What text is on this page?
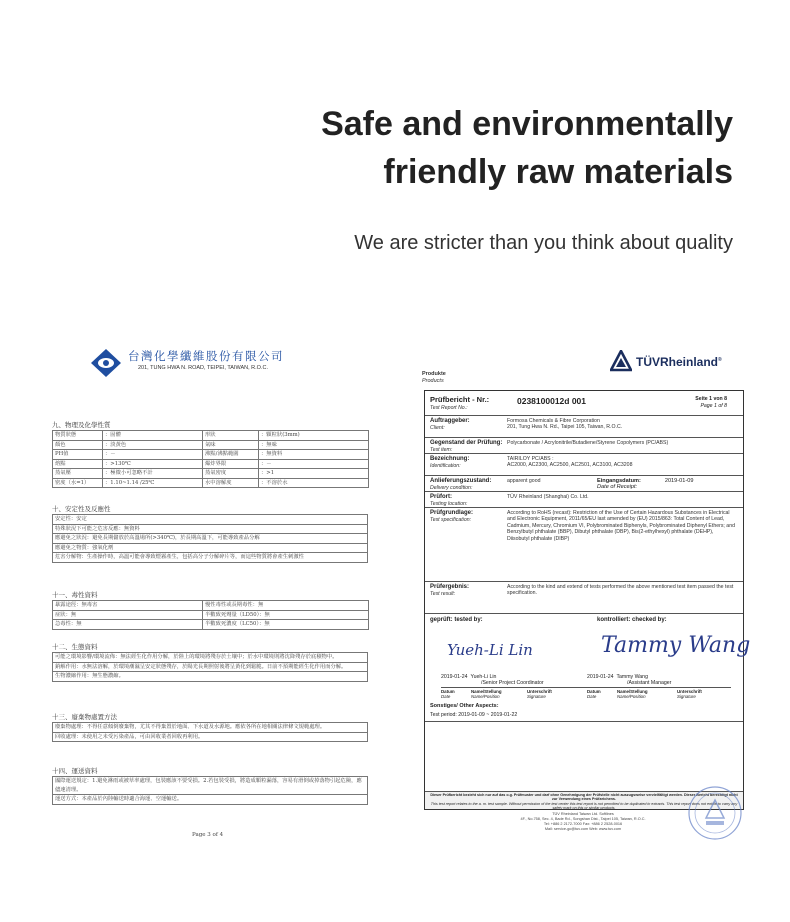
Safe and environmentally
friendly raw materials
We are stricter than you think about quality
台灣化學纖維股份有限公司
201, TUNG HWA N. ROAD, TEIPEI, TAIWAN, R.O.C.
九、物理及化學性質
物質狀態	：固體	形狀	：顆粒狀(3mm)
顏色	：淡黃色	氣味	：無味
PH值	：－	沸點/沸點範圍	：無資料
熔點	：>130℃	爆炸界限	：－
蒸氣壓	：極微小可忽略不計	蒸氣密度	：>1
密度（水=1）	：1.10~1.14 /25℃	水中溶解度	：不溶於水
十、安定性及反應性
安定性：安定
特殊狀況下可能之危害反應：無資料
應避免之狀況：避免長期儲放於高溫場所(>340℃)，於長期高溫下，可能導致產品分解
應避免之物質：強氧化劑
危害分解物：生產操作時，高溫可能會導致煙霧產生，包括高分子分解碎片等，而這些物質將會產生刺激性
十一、毒性資料
暴露途徑：無毒害	慢性毒性或長期毒性：無
症狀：無	半數致死劑量（LD50）：無
急毒性：無	半數致死濃度（LC50）：無
十二、生態資料
可能之環境影響/環境流佈：無法經生化作用分解，於陸上的環境將殘存於土壤中；於水中環境則將沈降殘存於底積物中。
銷解作用：水無法溶解，於環境潮濕呈安定狀態殘存，於陽光長期照射後將呈黃化到鬆脆。日前不預期能經生化作用而分解。
生物濃縮作用：無生態濃縮。
十三、廢棄物處置方法
廢棄物處理：不得任意傾倒廢棄物，尤其不得棄置於地面、下水道及水源地。應依各所在地相關法律條文規範處理。
回收處理：未使用之未受污染產品，可由回收業者回收再利用。
十四、運送資料
國際運送規定：1.避免淋雨或被草率處理，包裝應該不要受損。2.若包裝受損，將造成顆粒漏落，容易有滑倒或掉落物引起危險，應儘速清理。
運送方式：本產品於內陸輸送時適合海運、空運輸送。
Page 3 of 4
TÜVRheinland®
Produkte
Products
Prüfbericht - Nr.:
Test Report No.:
0238100012d 001	Seite 1 von 8
Page 1 of 8
Auftraggeber:
Client:
Formosa Chemicals & Fibre Corporation
201, Tung Hwa N. Rd., Taipei 105, Taiwan, R.O.C.
Gegenstand der Prüfung:
Test item:
Polycarbonate / Acrylonitrile/Butadiene/Styrene Copolymers (PC/ABS)
Bezeichnung:
Identification:
TAIRILOY PC/ABS :
AC2000, AC2300, AC2500, AC2501, AC3100, AC3208
Anlieferungszustand:
Delivery condition:
apparent good	Eingangsdatum:	2019-01-09
Date of Receipt:
Prüfort:
Testing location:
TÜV Rheinland (Shanghai) Co. Ltd.
Prüfgrundlage:
Test specification:
According to RoHS (recast): Restriction of the Use of Certain Hazardous Substances in Electrical and Electronic Equipment, 2011/65/EU last amended by (EU) 2015/863: Total Content of Lead, Cadmium, Mercury, Chromium VI, Polybrominated Biphenyls, Polybrominated Diphenyl Ethers; and Benzylbutyl phthalate (BBP), Dibutyl phthalate (DBP), Bis(2-ethylhexyl) phthalate (DEHP), Diisobutyl phthalate (DIBP)
Prüfergebnis:
Test result:
According to the kind and extend of tests performed the above mentioned test item passed the test specification.
geprüft: tested by:	kontrolliert: checked by:
Yueh-Li Lin	Tammy Wang
2019-01-24 Yueh-Li Lin
/Senior Project Coordinator
2019-01-24 Tammy Wang
/Assistant Manager
Datum
Date
Name/Stellung
Name/Position
Unterschrift
Signature
Datum
Date
Name/Stellung
Name/Position
Unterschrift
Signature
Sonstiges/ Other Aspects:
Test period: 2019-01-09 ~ 2019-01-22
Dieser Prüfbericht bezieht sich nur auf das o.g. Prüfmuster und darf ohne Genehmigung der Prüfstelle nicht auszugsweise vervielfältigt werden. Dieser Bericht berechtigt nicht zur Verwendung eines Prüfzeichens.
This test report relates to the a. m. test sample. Without permission of the test center this test report is not permitted to be duplicated in extracts. This test report does not entitle to carry any safety mark on this or similar products.
TÜV Rheinland Taiwan Ltd. Softlines
4F., No.758, Sec. 4, Bade Rd., Songshan Dist., Taipei 105, Taiwan, R.O.C.
Tel: +886 2 2172-7000 Fax: +886 2 2528-0016
Mail: service-gc@tuv.com Web: www.tuv.com
